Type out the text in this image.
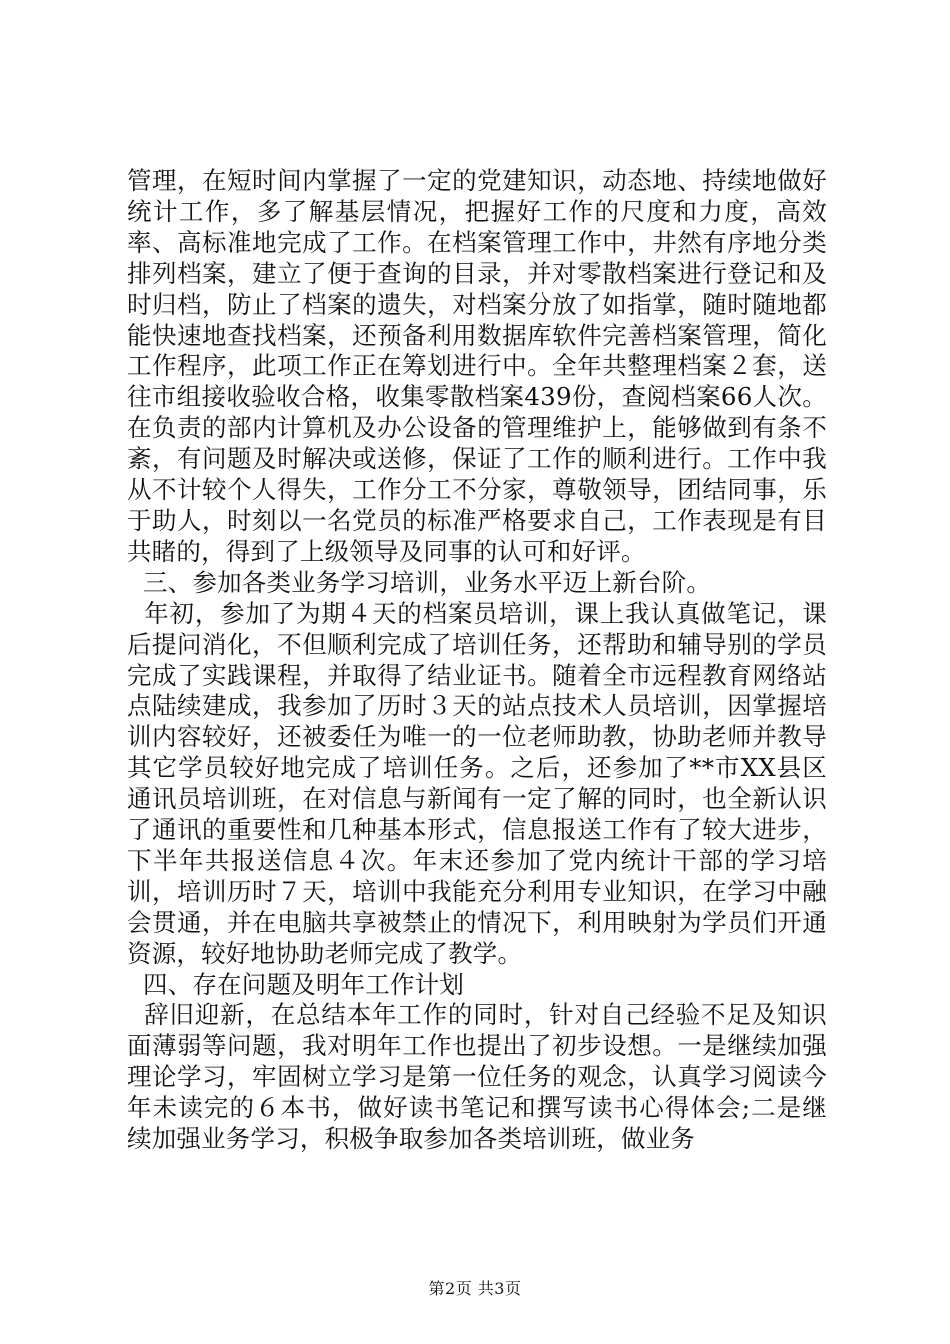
管理，在短时间内掌握了一定的党建知识，动态地、持续地做好统计工作，多了解基层情况，把握好工作的尺度和力度，高效率、高标准地完成了工作。在档案管理工作中，井然有序地分类排列档案，建立了便于查询的目录，并对零散档案进行登记和及时归档，防止了档案的遗失，对档案分放了如指掌，随时随地都能快速地查找档案，还预备利用数据库软件完善档案管理，简化工作程序，此项工作正在筹划进行中。全年共整理档案２套，送往市组接收验收合格，收集零散档案439份，查阅档案66人次。在负责的部内计算机及办公设备的管理维护上，能够做到有条不紊，有问题及时解决或送修，保证了工作的顺利进行。工作中我从不计较个人得失，工作分工不分家，尊敬领导，团结同事，乐于助人，时刻以一名党员的标准严格要求自己，工作表现是有目共睹的，得到了上级领导及同事的认可和好评。

三、参加各类业务学习培训，业务水平迈上新台阶。

年初，参加了为期４天的档案员培训，课上我认真做笔记，课后提问消化，不但顺利完成了培训任务，还帮助和辅导别的学员完成了实践课程，并取得了结业证书。随着全市远程教育网络站点陆续建成，我参加了历时３天的站点技术人员培训，因掌握培训内容较好，还被委任为唯一的一位老师助教，协助老师并教导其它学员较好地完成了培训任务。之后，还参加了**市XX县区通讯员培训班，在对信息与新闻有一定了解的同时，也全新认识了通讯的重要性和几种基本形式，信息报送工作有了较大进步，下半年共报送信息４次。年末还参加了党内统计干部的学习培训，培训历时７天，培训中我能充分利用专业知识，在学习中融会贯通，并在电脑共享被禁止的情况下，利用映射为学员们开通资源，较好地协助老师完成了教学。

四、存在问题及明年工作计划

辞旧迎新，在总结本年工作的同时，针对自己经验不足及知识面薄弱等问题，我对明年工作也提出了初步设想。一是继续加强理论学习，牢固树立学习是第一位任务的观念，认真学习阅读今年未读完的６本书，做好读书笔记和撰写读书心得体会;二是继续加强业务学习，积极争取参加各类培训班，做业务

第2页 共3页
